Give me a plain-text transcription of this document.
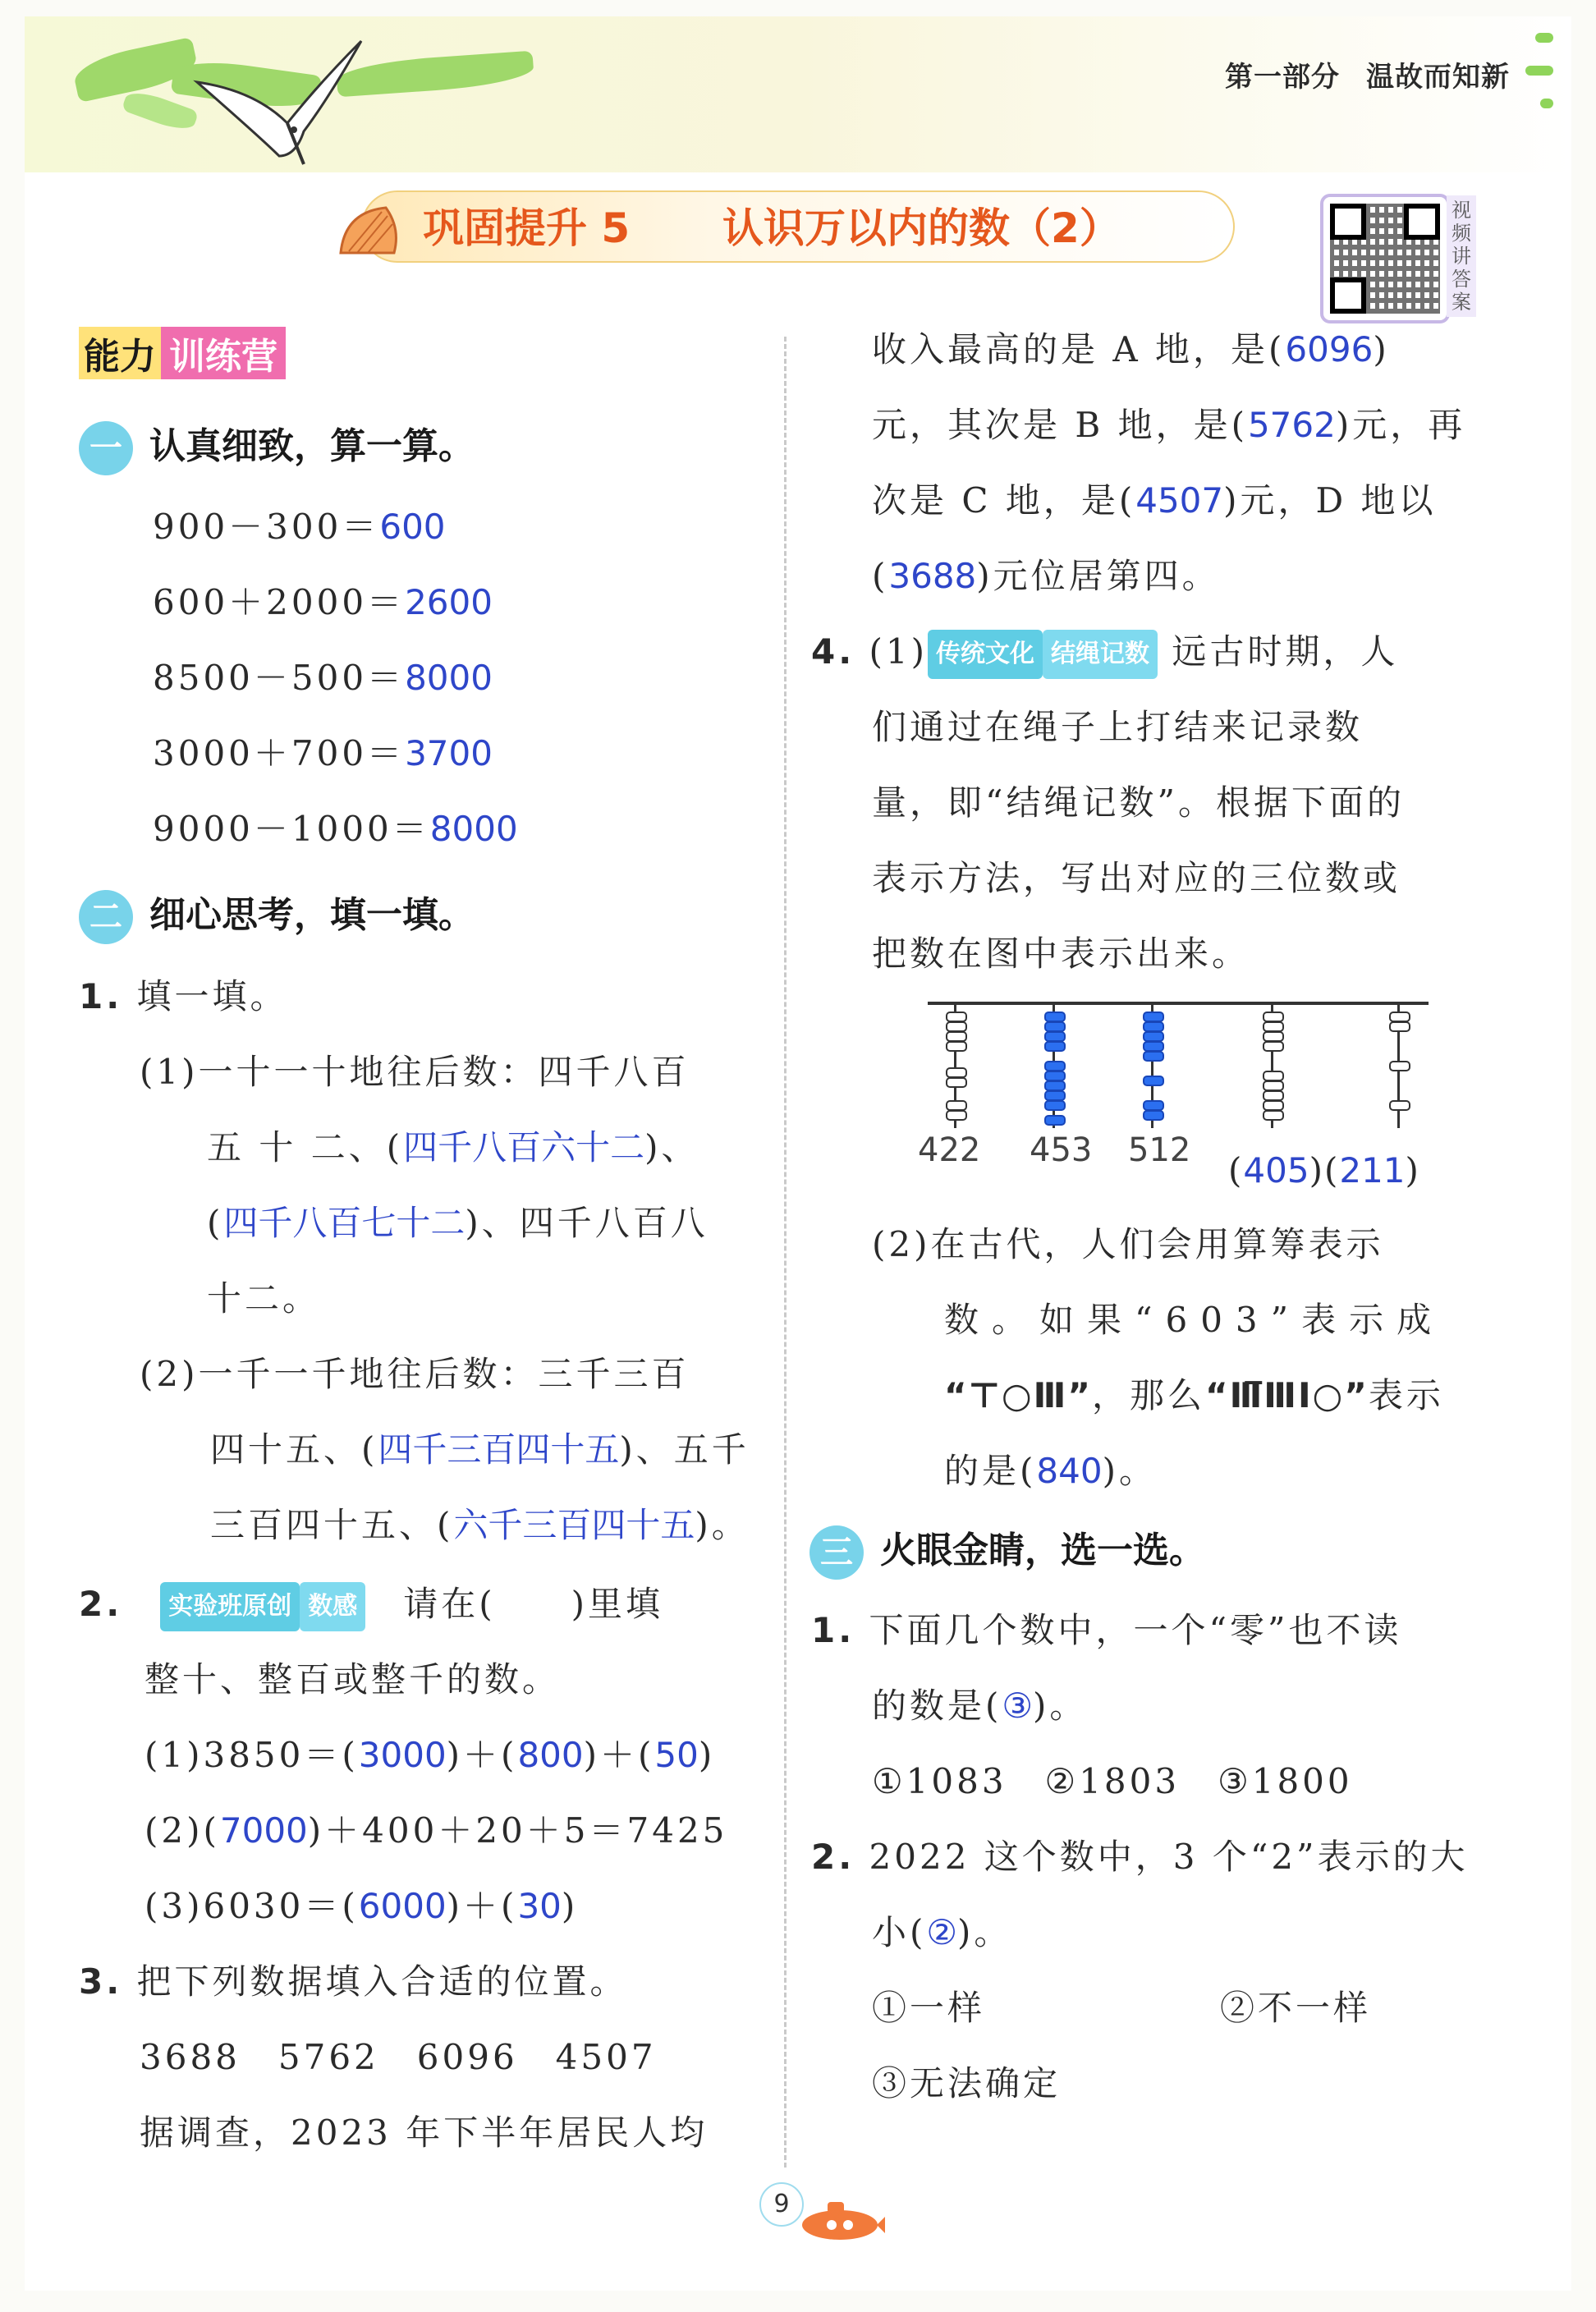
第一部分 温故而知新
巩固提升 5 认识万以内的数（2）	视频讲答案
能力 训练营
一 认真细致，算一算。
900－300＝600
600＋2000＝2600
8500－500＝8000
3000＋700＝3700
9000－1000＝8000
二 细心思考，填一填。
1. 填一填。
(1)一十一十地往后数：四千八百
五 十 二、(四千八百六十二)、
(四千八百七十二)、四千八百八
十二。
(2)一千一千地往后数：三千三百
四十五、(四千三百四十五)、五千
三百四十五、(六千三百四十五)。
2.　 实验班原创 数感　 请在(　　)里填
整十、整百或整千的数。
(1)3850＝(3000)＋(800)＋(50)
(2)(7000)＋400＋20＋5＝7425
(3)6030＝(6000)＋(30)
3. 把下列数据填入合适的位置。
3688　5762　6096　4507
据调查，2023 年下半年居民人均
收入最高的是 A 地，是(6096)
元，其次是 B 地，是(5762)元，再
次是 C 地，是(4507)元，D 地以
(3688)元位居第四。
4. (1) 传统文化 结绳记数 远古时期，人
们通过在绳子上打结来记录数
量，即“结绳记数”。根据下面的
表示方法，写出对应的三位数或
把数在图中表示出来。
422 453 512 (405)(211)
(2)在古代，人们会用算筹表示
数。如果“603”表示成
“⊤○Ⅲ”，那么“Ⅲ̅ⅢⅠ○”表示
的是(840)。
三 火眼金睛，选一选。
1. 下面几个数中，一个“零”也不读
的数是(③)。
①1083　②1803　③1800
2. 2022 这个数中，3 个“2”表示的大
小(②)。
①一样	②不一样
③无法确定
9
